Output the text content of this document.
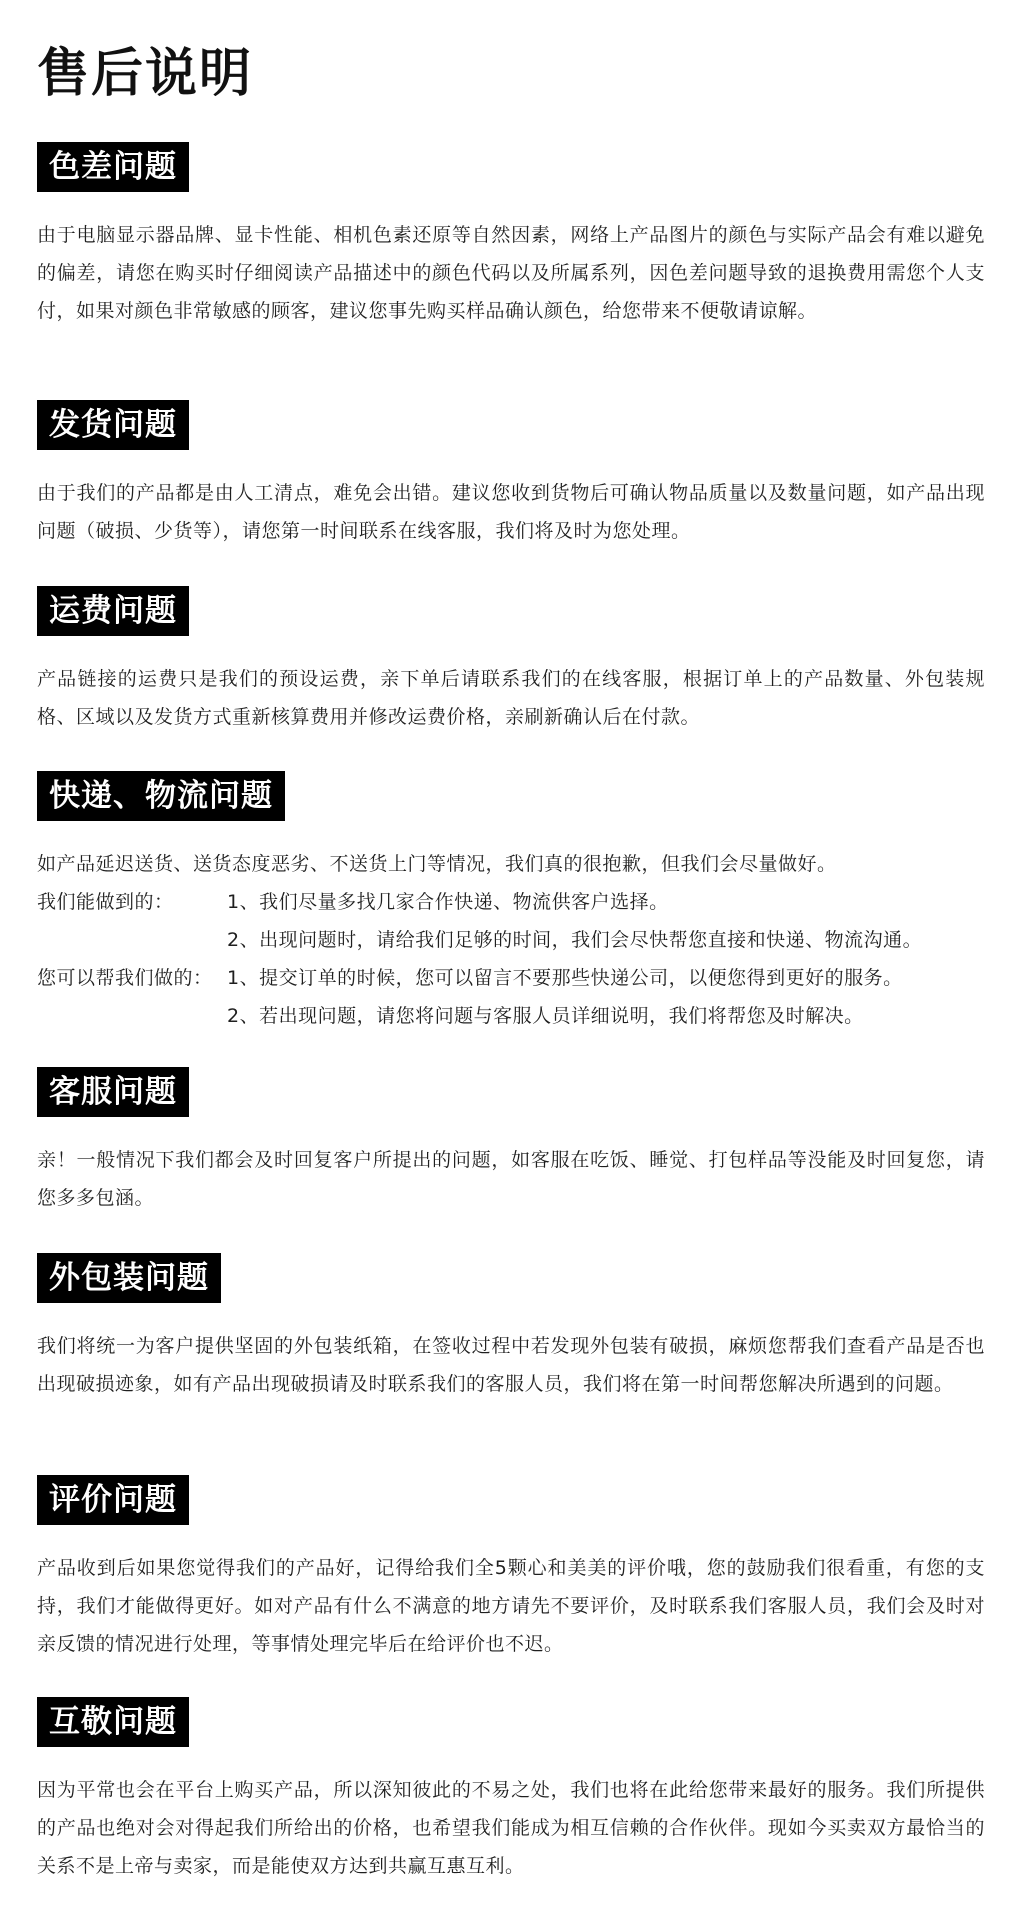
售后说明
色差问题

由于电脑显示器品牌、显卡性能、相机色素还原等自然因素，网络上产品图片的颜色与实际产品会有难以避免的偏差，请您在购买时仔细阅读产品描述中的颜色代码以及所属系列，因色差问题导致的退换费用需您个人支付，如果对颜色非常敏感的顾客，建议您事先购买样品确认颜色，给您带来不便敬请谅解。

发货问题

由于我们的产品都是由人工清点，难免会出错。建议您收到货物后可确认物品质量以及数量问题，如产品出现问题（破损、少货等），请您第一时间联系在线客服，我们将及时为您处理。

运费问题

产品链接的运费只是我们的预设运费，亲下单后请联系我们的在线客服，根据订单上的产品数量、外包装规格、区域以及发货方式重新核算费用并修改运费价格，亲刷新确认后在付款。

快递、物流问题

如产品延迟送货、送货态度恶劣、不送货上门等情况，我们真的很抱歉，但我们会尽量做好。

我们能做到的：	1、我们尽量多找几家合作快递、物流供客户选择。
2、出现问题时，请给我们足够的时间，我们会尽快帮您直接和快递、物流沟通。
您可以帮我们做的： 1、提交订单的时候，您可以留言不要那些快递公司，以便您得到更好的服务。
2、若出现问题，请您将问题与客服人员详细说明，我们将帮您及时解决。
客服问题

亲！一般情况下我们都会及时回复客户所提出的问题，如客服在吃饭、睡觉、打包样品等没能及时回复您，请您多多包涵。

外包装问题

我们将统一为客户提供坚固的外包装纸箱，在签收过程中若发现外包装有破损，麻烦您帮我们查看产品是否也出现破损迹象，如有产品出现破损请及时联系我们的客服人员，我们将在第一时间帮您解决所遇到的问题。

评价问题

产品收到后如果您觉得我们的产品好，记得给我们全5颗心和美美的评价哦，您的鼓励我们很看重，有您的支持，我们才能做得更好。如对产品有什么不满意的地方请先不要评价，及时联系我们客服人员，我们会及时对亲反馈的情况进行处理，等事情处理完毕后在给评价也不迟。

互敬问题

因为平常也会在平台上购买产品，所以深知彼此的不易之处，我们也将在此给您带来最好的服务。我们所提供的产品也绝对会对得起我们所给出的价格，也希望我们能成为相互信赖的合作伙伴。现如今买卖双方最恰当的关系不是上帝与卖家，而是能使双方达到共赢互惠互利。
